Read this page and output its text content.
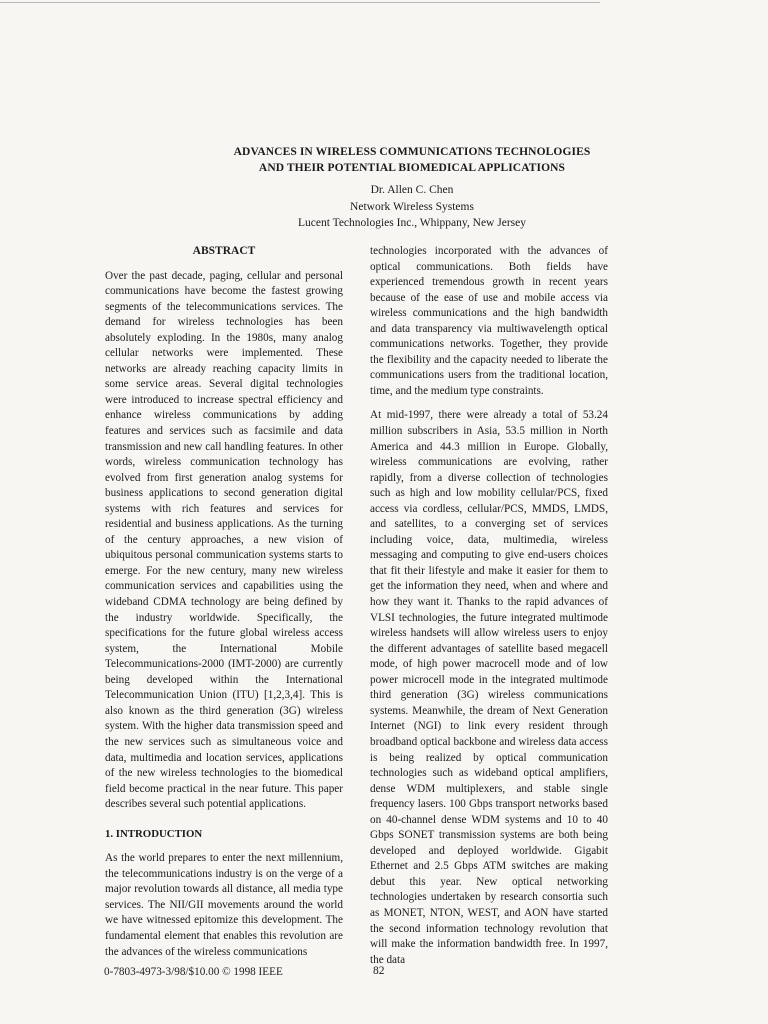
ADVANCES IN WIRELESS COMMUNICATIONS TECHNOLOGIES
AND THEIR POTENTIAL BIOMEDICAL APPLICATIONS
Dr. Allen C. Chen
Network Wireless Systems
Lucent Technologies Inc., Whippany, New Jersey
ABSTRACT

Over the past decade, paging, cellular and personal communications have become the fastest growing segments of the telecommunications services. The demand for wireless technologies has been absolutely exploding. In the 1980s, many analog cellular networks were implemented. These networks are already reaching capacity limits in some service areas. Several digital technologies were introduced to increase spectral efficiency and enhance wireless communications by adding features and services such as facsimile and data transmission and new call handling features. In other words, wireless communication technology has evolved from first generation analog systems for business applications to second generation digital systems with rich features and services for residential and business applications. As the turning of the century approaches, a new vision of ubiquitous personal communication systems starts to emerge. For the new century, many new wireless communication services and capabilities using the wideband CDMA technology are being defined by the industry worldwide. Specifically, the specifications for the future global wireless access system, the International Mobile Telecommunications-2000 (IMT-2000) are currently being developed within the International Telecommunication Union (ITU) [1,2,3,4]. This is also known as the third generation (3G) wireless system. With the higher data transmission speed and the new services such as simultaneous voice and data, multimedia and location services, applications of the new wireless technologies to the biomedical field become practical in the near future. This paper describes several such potential applications.

1. INTRODUCTION

As the world prepares to enter the next millennium, the telecommunications industry is on the verge of a major revolution towards all distance, all media type services. The NII/GII movements around the world we have witnessed epitomize this development. The fundamental element that enables this revolution are the advances of the wireless communications

technologies incorporated with the advances of optical communications. Both fields have experienced tremendous growth in recent years because of the ease of use and mobile access via wireless communications and the high bandwidth and data transparency via multiwavelength optical communications networks. Together, they provide the flexibility and the capacity needed to liberate the communications users from the traditional location, time, and the medium type constraints.

At mid-1997, there were already a total of 53.24 million subscribers in Asia, 53.5 million in North America and 44.3 million in Europe. Globally, wireless communications are evolving, rather rapidly, from a diverse collection of technologies such as high and low mobility cellular/PCS, fixed access via cordless, cellular/PCS, MMDS, LMDS, and satellites, to a converging set of services including voice, data, multimedia, wireless messaging and computing to give end-users choices that fit their lifestyle and make it easier for them to get the information they need, when and where and how they want it. Thanks to the rapid advances of VLSI technologies, the future integrated multimode wireless handsets will allow wireless users to enjoy the different advantages of satellite based megacell mode, of high power macrocell mode and of low power microcell mode in the integrated multimode third generation (3G) wireless communications systems. Meanwhile, the dream of Next Generation Internet (NGI) to link every resident through broadband optical backbone and wireless data access is being realized by optical communication technologies such as wideband optical amplifiers, dense WDM multiplexers, and stable single frequency lasers. 100 Gbps transport networks based on 40-channel dense WDM systems and 10 to 40 Gbps SONET transmission systems are both being developed and deployed worldwide. Gigabit Ethernet and 2.5 Gbps ATM switches are making debut this year. New optical networking technologies undertaken by research consortia such as MONET, NTON, WEST, and AON have started the second information technology revolution that will make the information bandwidth free. In 1997, the data

0-7803-4973-3/98/$10.00 © 1998 IEEE	82
